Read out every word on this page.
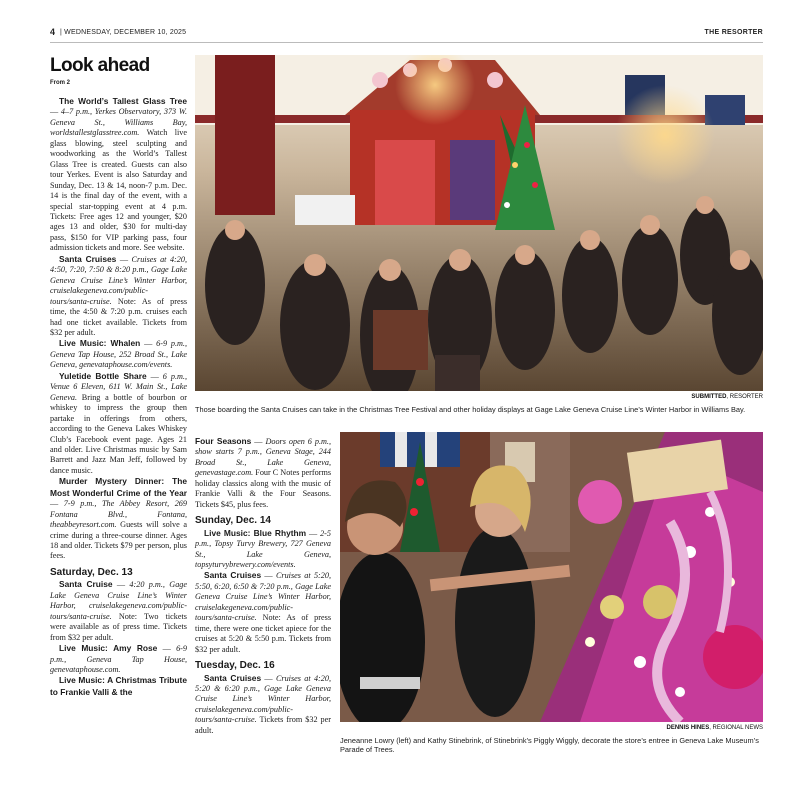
4 | WEDNESDAY, DECEMBER 10, 2025	THE RESORTER
Look ahead
From 2

The World’s Tallest Glass Tree — 4–7 p.m., Yerkes Observatory, 373 W. Geneva St., Williams Bay, worldstallestglasstree.com. Watch live glass blowing, steel sculpting and woodworking as the World’s Tallest Glass Tree is created. Guests can also tour Yerkes. Event is also Saturday and Sunday, Dec. 13 & 14, noon-7 p.m. Dec. 14 is the final day of the event, with a special star-topping event at 4 p.m. Tickets: Free ages 12 and younger, $20 ages 13 and older, $30 for multi-day pass, $150 for VIP parking pass, four admission tickets and more. See website.

Santa Cruises — Cruises at 4:20, 4:50, 7:20, 7:50 & 8:20 p.m., Gage Lake Geneva Cruise Line’s Winter Harbor, cruiselakegeneva.com/public-tours/santa-cruise. Note: As of press time, the 4:50 & 7:20 p.m. cruises each had one ticket available. Tickets from $32 per adult.

Live Music: Whalen — 6-9 p.m., Geneva Tap House, 252 Broad St., Lake Geneva, genevataphouse.com/events.

Yuletide Bottle Share — 6 p.m., Venue 6 Eleven, 611 W. Main St., Lake Geneva. Bring a bottle of bourbon or whiskey to impress the group then partake in offerings from others, according to the Geneva Lakes Whiskey Club’s Facebook event page. Ages 21 and older. Live Christmas music by Sam Barrett and Jazz Man Jeff, followed by dance music.

Murder Mystery Dinner: The Most Wonderful Crime of the Year — 7-9 p.m., The Abbey Resort, 269 Fontana Blvd., Fontana, theabbeyresort.com. Guests will solve a crime during a three-course dinner. Ages 18 and older. Tickets $79 per person, plus fees.

Saturday, Dec. 13

Santa Cruise — 4:20 p.m., Gage Lake Geneva Cruise Line’s Winter Harbor, cruiselakegeneva.com/public-tours/santa-cruise. Note: Two tickets were available as of press time. Tickets from $32 per adult.

Live Music: Amy Rose — 6-9 p.m., Geneva Tap House, genevataphouse.com.

Live Music: A Christmas Tribute to Frankie Valli & the

Four Seasons — Doors open 6 p.m., show starts 7 p.m., Geneva Stage, 244 Broad St., Lake Geneva, genevastage.com. Four C Notes performs holiday classics along with the music of Frankie Valli & the Four Seasons. Tickets $45, plus fees.

Sunday, Dec. 14

Live Music: Blue Rhythm — 2-5 p.m., Topsy Turvy Brewery, 727 Geneva St., Lake Geneva, topsyturvybrewery.com/events.

Santa Cruises — Cruises at 5:20, 5:50, 6:20, 6:50 & 7:20 p.m., Gage Lake Geneva Cruise Line’s Winter Harbor, cruiselakegeneva.com/public-tours/santa-cruise. Note: As of press time, there were one ticket apiece for the cruises at 5:20 & 5:50 p.m. Tickets from $32 per adult.

Tuesday, Dec. 16

Santa Cruises — Cruises at 4:20, 5:20 & 6:20 p.m., Gage Lake Geneva Cruise Line’s Winter Harbor, cruiselakegeneva.com/public-tours/santa-cruise. Tickets from $32 per adult.

SUBMITTED, RESORTER
Those boarding the Santa Cruises can take in the Christmas Tree Festival and other holiday displays at Gage Lake Geneva Cruise Line’s Winter Harbor in Williams Bay.
DENNIS HINES, REGIONAL NEWS
Jeneanne Lowry (left) and Kathy Stinebrink, of Stinebrink’s Piggly Wiggly, decorate the store’s entree in Geneva Lake Museum’s Parade of Trees.
